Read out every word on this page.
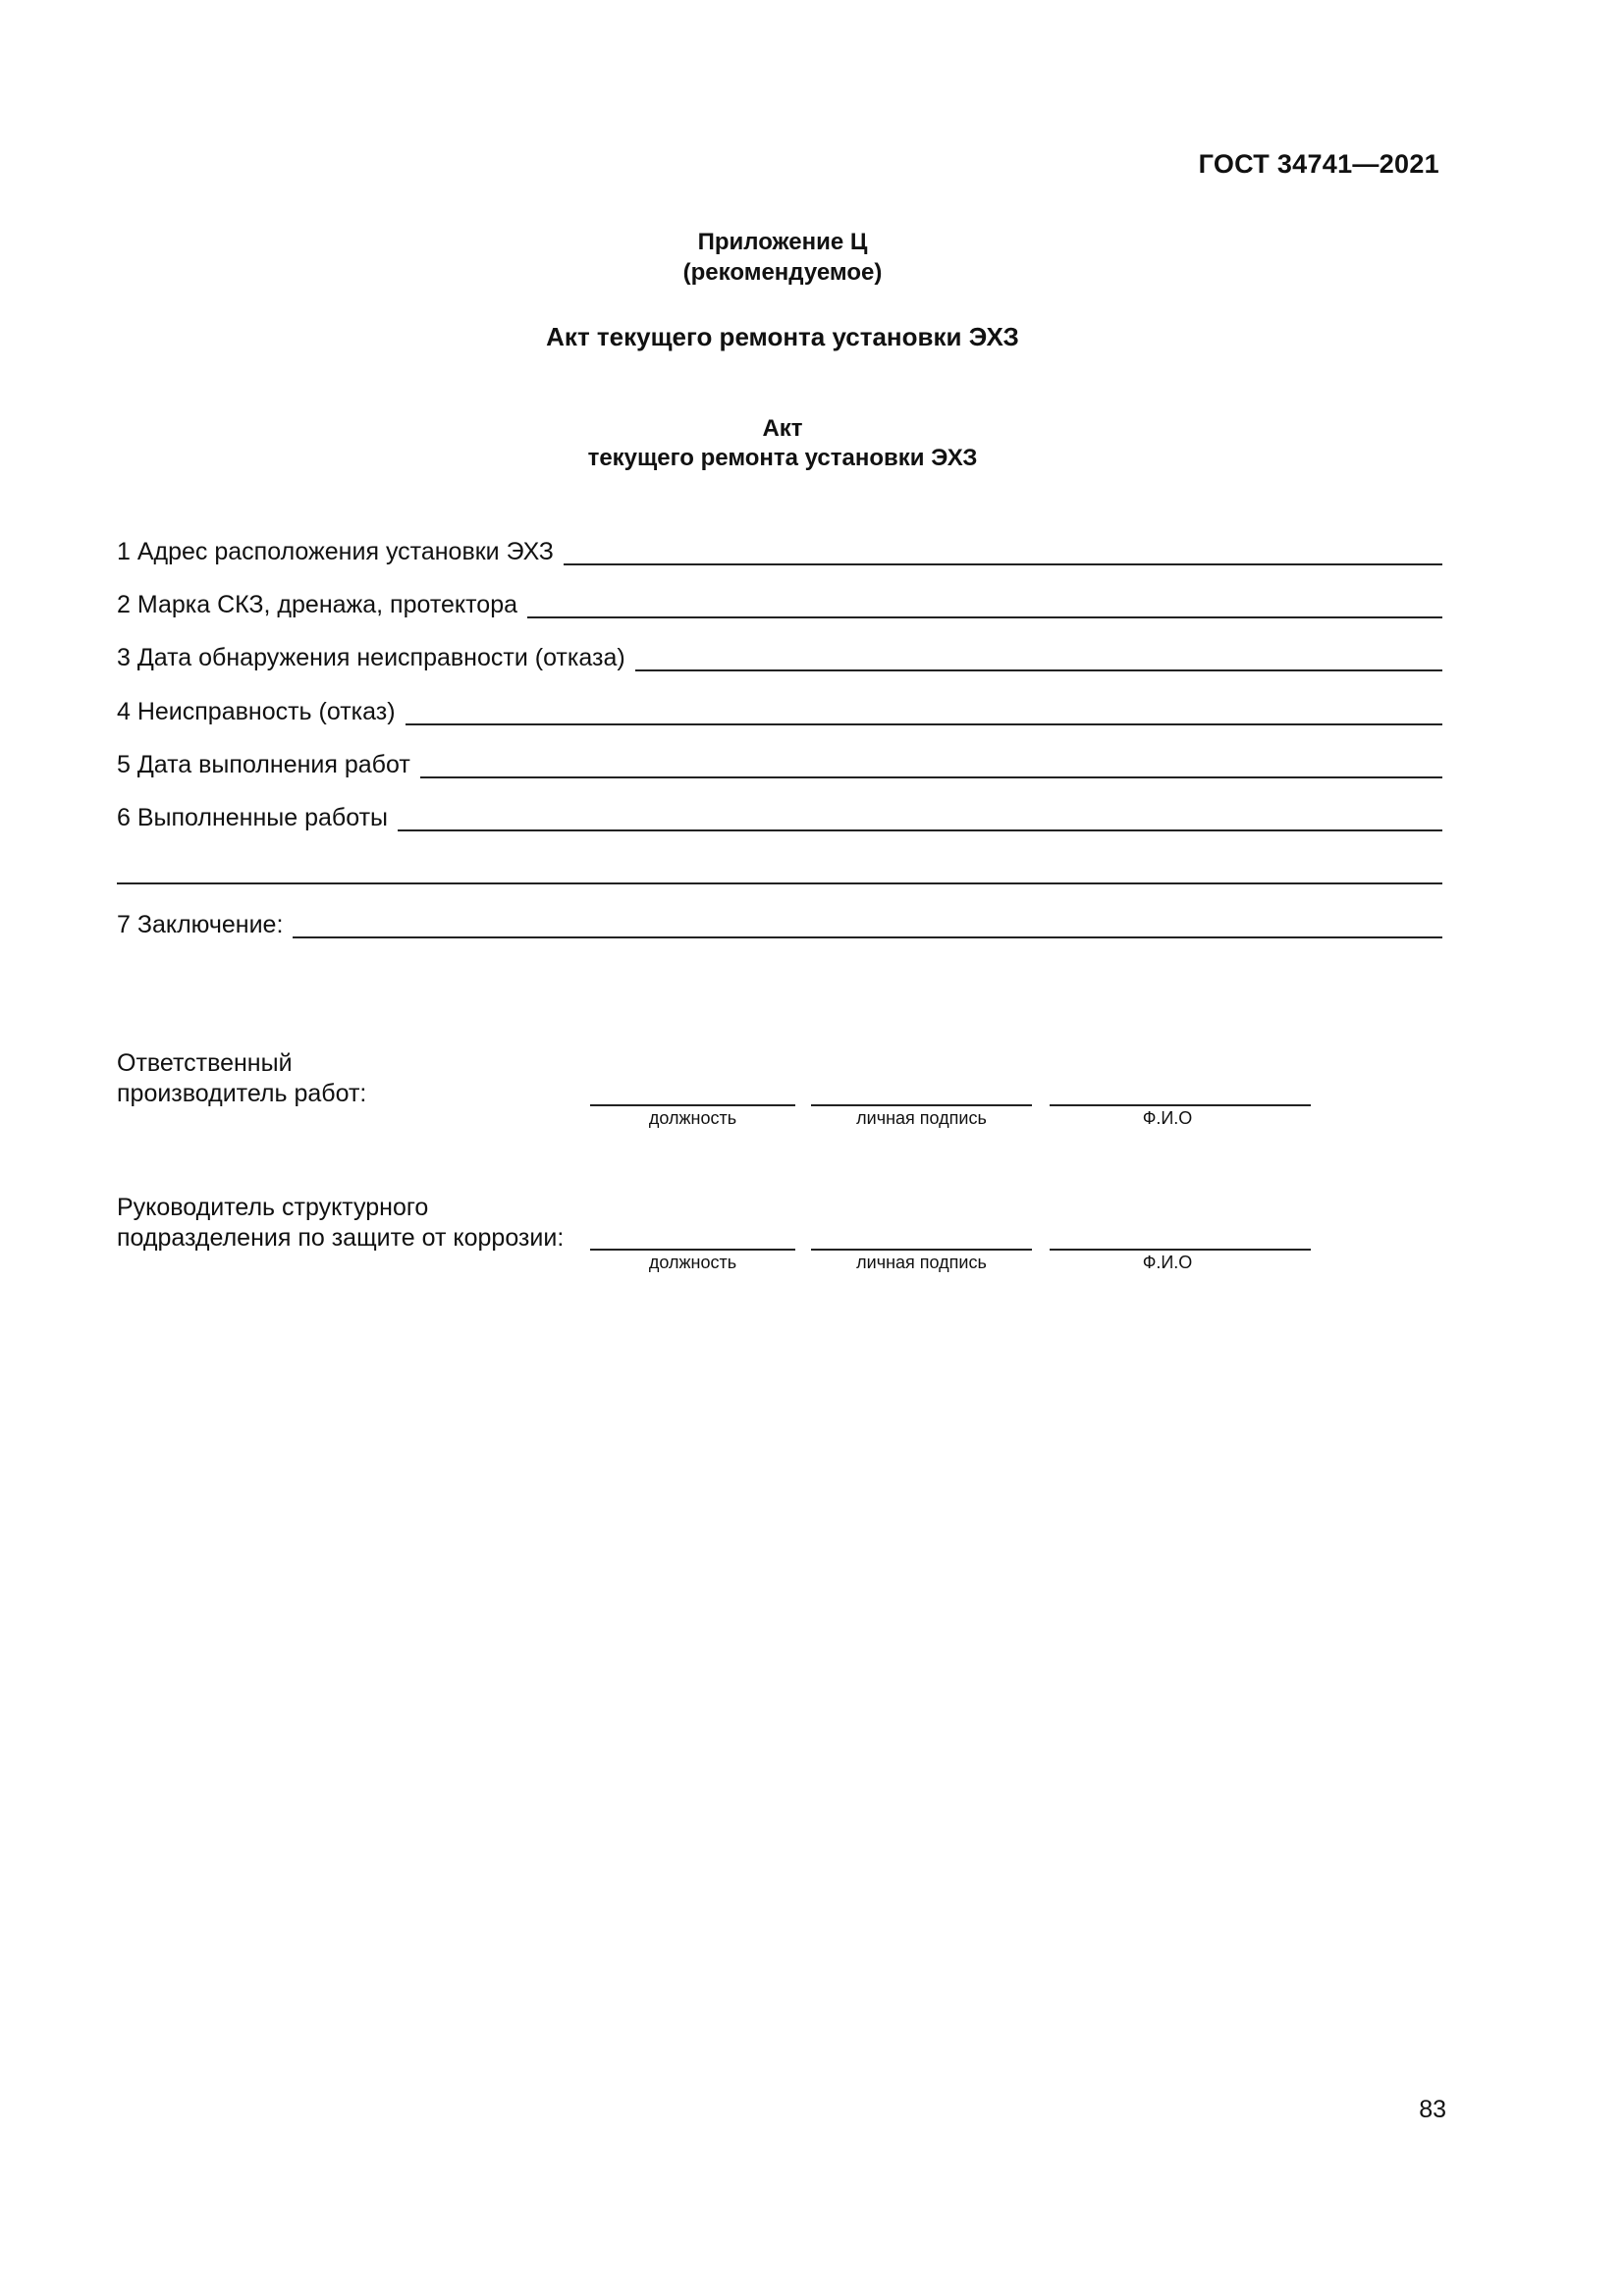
ГОСТ 34741—2021
Приложение Ц
(рекомендуемое)
Акт текущего ремонта установки ЭХЗ
Акт
текущего ремонта установки ЭХЗ
1 Адрес расположения установки ЭХЗ
2 Марка СКЗ, дренажа, протектора
3 Дата обнаружения неисправности (отказа)
4 Неисправность (отказ)
5 Дата выполнения работ
6 Выполненные работы
7 Заключение:
Ответственный
производитель работ:
должность	личная подпись	Ф.И.О
Руководитель структурного
подразделения по защите от коррозии:
должность	личная подпись	Ф.И.О
83
